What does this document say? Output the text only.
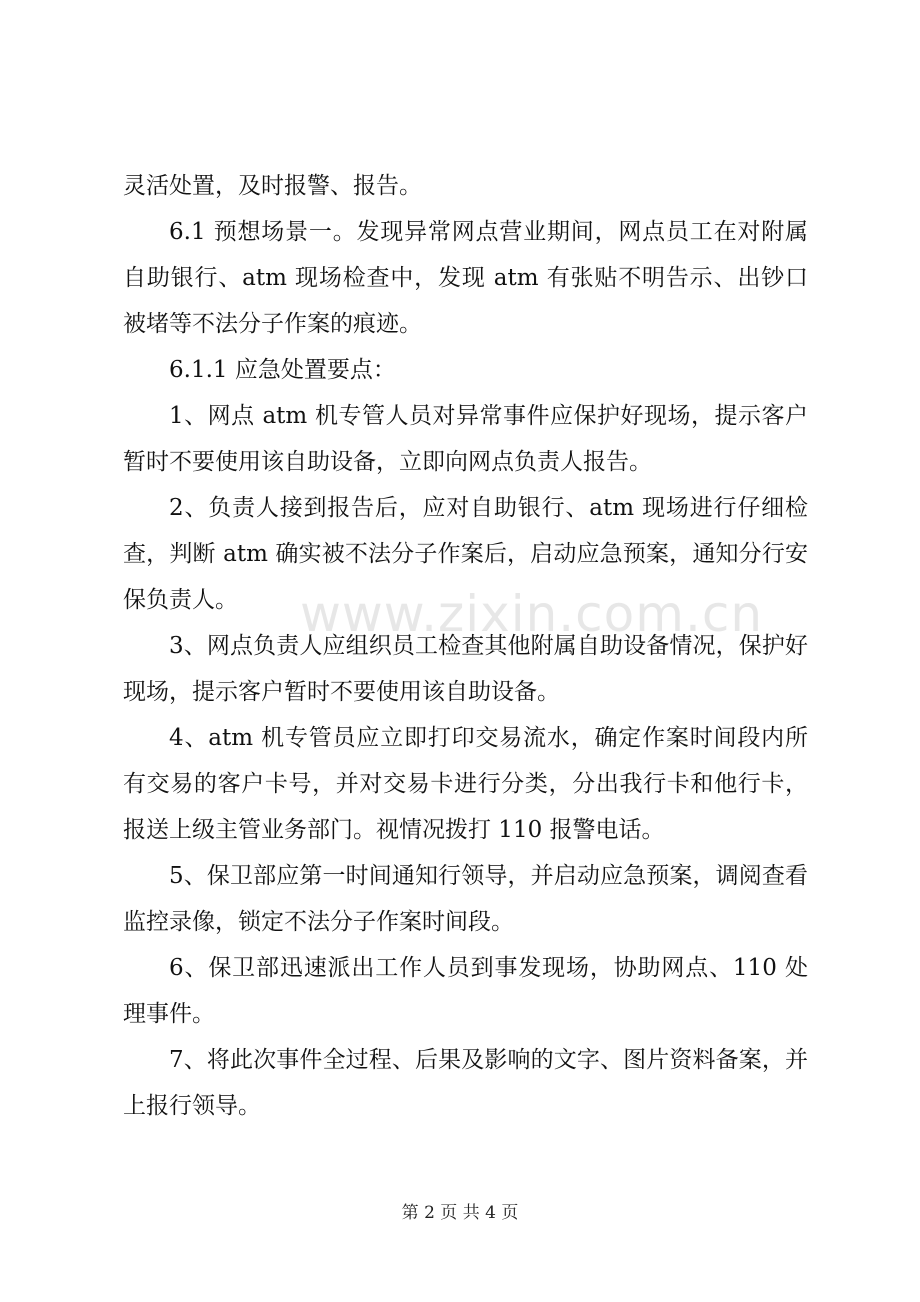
www.zixin.com.cn

灵活处置，及时报警、报告。

6.1 预想场景一。发现异常网点营业期间，网点员工在对附属自助银行、atm 现场检查中，发现 atm 有张贴不明告示、出钞口被堵等不法分子作案的痕迹。

6.1.1 应急处置要点：

1、网点 atm 机专管人员对异常事件应保护好现场，提示客户暂时不要使用该自助设备，立即向网点负责人报告。

2、负责人接到报告后，应对自助银行、atm 现场进行仔细检查，判断 atm 确实被不法分子作案后，启动应急预案，通知分行安保负责人。

3、网点负责人应组织员工检查其他附属自助设备情况，保护好现场，提示客户暂时不要使用该自助设备。

4、atm 机专管员应立即打印交易流水，确定作案时间段内所有交易的客户卡号，并对交易卡进行分类，分出我行卡和他行卡，报送上级主管业务部门。视情况拨打 110 报警电话。

5、保卫部应第一时间通知行领导，并启动应急预案，调阅查看监控录像，锁定不法分子作案时间段。

6、保卫部迅速派出工作人员到事发现场，协助网点、110 处理事件。

7、将此次事件全过程、后果及影响的文字、图片资料备案，并上报行领导。

第 2 页 共 4 页
